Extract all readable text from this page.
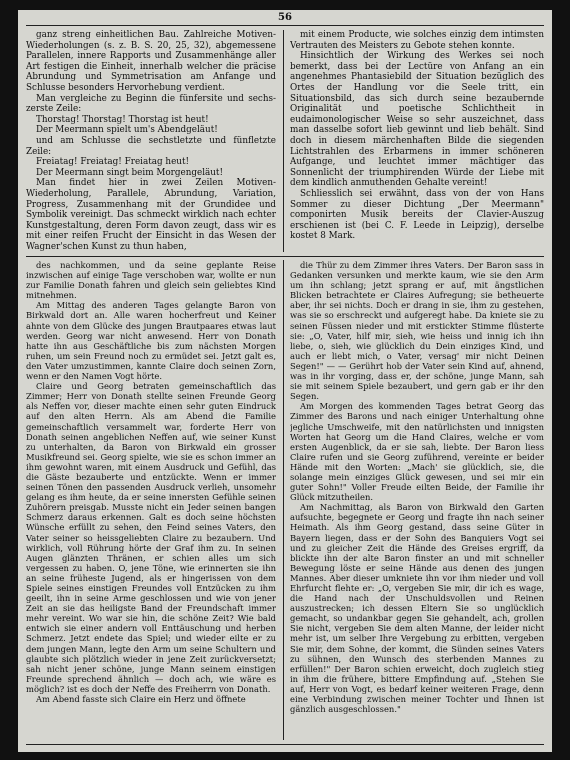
56

ganz streng einheitlichen Bau. Zahlreiche Motiven-Wiederholungen (s. z. B. S. 20, 25, 32), abgemessene Parallelen, innere Rapports und Zusammenhänge aller Art festigen die Einheit, innerhalb welcher die präcise Abrundung und Symmetrisation am Anfange und Schlusse besonders Hervorhebung verdient.

Man vergleiche zu Beginn die fünfersite und sechs-zerste Zeile:

Thorstag! Thorstag! Thorstag ist heut!

Der Meermann spielt um's Abendgeläut!

und am Schlusse die sechstletzte und fünfletzte Zeile:

Freiatag! Freiatag! Freiatag heut!

Der Meermann singt beim Morgengeläut!

Man findet hier in zwei Zeilen Motiven-Wiederholung, Parallele, Abrundung, Variation, Progress, Zusammenhang mit der Grundidee und Symbolik vereinigt. Das schmeckt wirklich nach echter Kunstgestaltung, deren Form davon zeugt, dass wir es mit einer reifen Frucht der Einsicht in das Wesen der Wagner'schen Kunst zu thun haben,

mit einem Producte, wie solches einzig dem intimsten Vertrauten des Meisters zu Gebote stehen konnte.

Hinsichtlich der Wirkung des Werkes sei noch bemerkt, dass bei der Lectüre von Anfang an ein angenehmes Phantasiebild der Situation bezüglich des Ortes der Handlung vor die Seele tritt, ein Situationsbild, das sich durch seine bezaubernde Originalität und poetische Schlichtheit in eudaimonologischer Weise so sehr auszeichnet, dass man dasselbe sofort lieb gewinnt und lieb behält. Sind doch in diesem märchenhaften Bilde die siegenden Lichtstrahlen des Erbarmens in immer schöneren Aufgange, und leuchtet immer mächtiger das Sonnenlicht der triumphirenden Würde der Liebe mit dem kindlich anmuthenden Gehalte vereint!

Schliesslich sei erwähnt, dass von der von Hans Sommer zu dieser Dichtung „Der Meermann" componirten Musik bereits der Clavier-Auszug erschienen ist (bei C. F. Leede in Leipzig), derselbe kostet 8 Mark.

des nachkommen, und da seine geplante Reise inzwischen auf einige Tage verschoben war, wollte er nun zur Familie Donath fahren und gleich sein geliebtes Kind mitnehmen.

Am Mittag des anderen Tages gelangte Baron von Birkwald dort an. Alle waren hocherfreut und Keiner ahnte von dem Glücke des jungen Brautpaares etwas laut werden. Georg war nicht anwesend. Herr von Donath hatte ihn aus Geschäftliche bis zum nächsten Morgen ruhen, um sein Freund noch zu ermüdet sei. Jetzt galt es, den Vater umzustimmen, kannte Claire doch seinen Zorn, wenn er den Namen Vogt hörte.

Claire und Georg betraten gemeinschaftlich das Zimmer; Herr von Donath stellte seinen Freunde Georg als Neffen vor, dieser machte einen sehr guten Eindruck auf den alten Herrn. Als am Abend die Familie gemeinschaftlich versammelt war, forderte Herr von Donath seinen angeblichen Neffen auf, wie seiner Kunst zu unterhalten, da Baron von Birkwald ein grosser Musikfreund sei. Georg spielte, wie sie es schon immer an ihm gewohnt waren, mit einem Ausdruck und Gefühl, das die Gäste bezauberte und entzückte. Wenn er immer seinen Tönen den passenden Ausdruck verlieh, unsomehr gelang es ihm heute, da er seine innersten Gefühle seinen Zuhörern preisgab. Musste nicht ein Jeder seinen bangen Schmerz daraus erkennen. Galt es doch seine höchsten Wünsche erfüllt zu sehen, den Feind seines Vaters, den Vater seiner so heissgeliebten Claire zu bezaubern. Und wirklich, voll Rührung hörte der Graf ihm zu. In seinen Augen glänzten Thränen, er schien alles um sich vergessen zu haben. O, jene Töne, wie erinnerten sie ihn an seine früheste Jugend, als er hingerissen von dem Spiele seines einstigen Freundes voll Entzücken zu ihm geeilt, ihn in seine Arme geschlossen und wie von jener Zeit an sie das heiligste Band der Freundschaft immer mehr vereint. Wo war sie hin, die schöne Zeit? Wie bald entwich sie einer andern voll Enttäuschung und herben Schmerz. Jetzt endete das Spiel; und wieder eilte er zu dem jungen Mann, legte den Arm um seine Schultern und glaubte sich plötzlich wieder in jene Zeit zurückversetzt; sah nicht jener schöne, junge Mann seinem einstigen Freunde sprechend ähnlich — doch ach, wie wäre es möglich? ist es doch der Neffe des Freiherrn von Donath.

Am Abend fasste sich Claire ein Herz und öffnete

die Thür zu dem Zimmer ihres Vaters. Der Baron sass in Gedanken versunken und merkte kaum, wie sie den Arm um ihn schlang; jetzt sprang er auf, mit ängstlichen Blicken betrachtete er Claires Aufregung; sie betheuerte aber, ihr sei nichts. Doch er drang in sie, ihm zu gestehen, was sie so erschreckt und aufgeregt habe. Da kniete sie zu seinen Füssen nieder und mit erstickter Stimme flüsterte sie: „O, Vater, hilf mir, sieh, wie heiss und innig ich ihn liebe, o, sieh, wie glücklich du Dein einziges Kind, und auch er liebt mich, o Vater, versag' mir nicht Deinen Segen!" — — Gerührt hob der Vater sein Kind auf, ahnend, was in ihr vorging, dass er, der schöne, junge Mann, sah sie mit seinem Spiele bezaubert, und gern gab er ihr den Segen.

Am Morgen des kommenden Tages betrat Georg das Zimmer des Barons und nach einiger Unterhaltung ohne jegliche Umschweife, mit den natürlichsten und innigsten Worten hat Georg um die Hand Claires, welche er vom ersten Augenblick, da er sie sah, liebte. Der Baron liess Claire rufen und sie Georg zuführend, vereinte er beider Hände mit den Worten: „Mach' sie glücklich, sie, die solange mein einziges Glück gewesen, und sei mir ein guter Sohn!" Voller Freude eilten Beide, der Familie ihr Glück mitzutheilen.

Am Nachmittag, als Baron von Birkwald den Garten aufsuchte, begegnete er Georg und fragte ihn nach seiner Heimath. Als ihm Georg gestand, dass seine Güter in Bayern liegen, dass er der Sohn des Banquiers Vogt sei und zu gleicher Zeit die Hände des Greises ergriff, da blickte ihn der alte Baron finster an und mit schneller Bewegung löste er seine Hände aus denen des jungen Mannes. Aber dieser umkniete ihn vor ihm nieder und voll Ehrfurcht flehte er: „O, vergeben Sie mir, dir ich es wage, die Hand nach der Unschuldsvollen und Reinen auszustrecken; ich dessen Eltern Sie so unglücklich gemacht, so undankbar gegen Sie gehandelt, ach, grollen Sie nicht, vergeben Sie dem alten Manne, der leider nicht mehr ist, um selber Ihre Vergebung zu erbitten, vergeben Sie mir, dem Sohne, der kommt, die Sünden seines Vaters zu sühnen, den Wunsch des sterbenden Mannes zu erfüllen!" Der Baron schien erweicht, doch zugleich stieg in ihm die frühere, bittere Empfindung auf. „Stehen Sie auf, Herr von Vogt, es bedarf keiner weiteren Frage, denn eine Verbindung zwischen meiner Tochter und Ihnen ist gänzlich ausgeschlossen."
